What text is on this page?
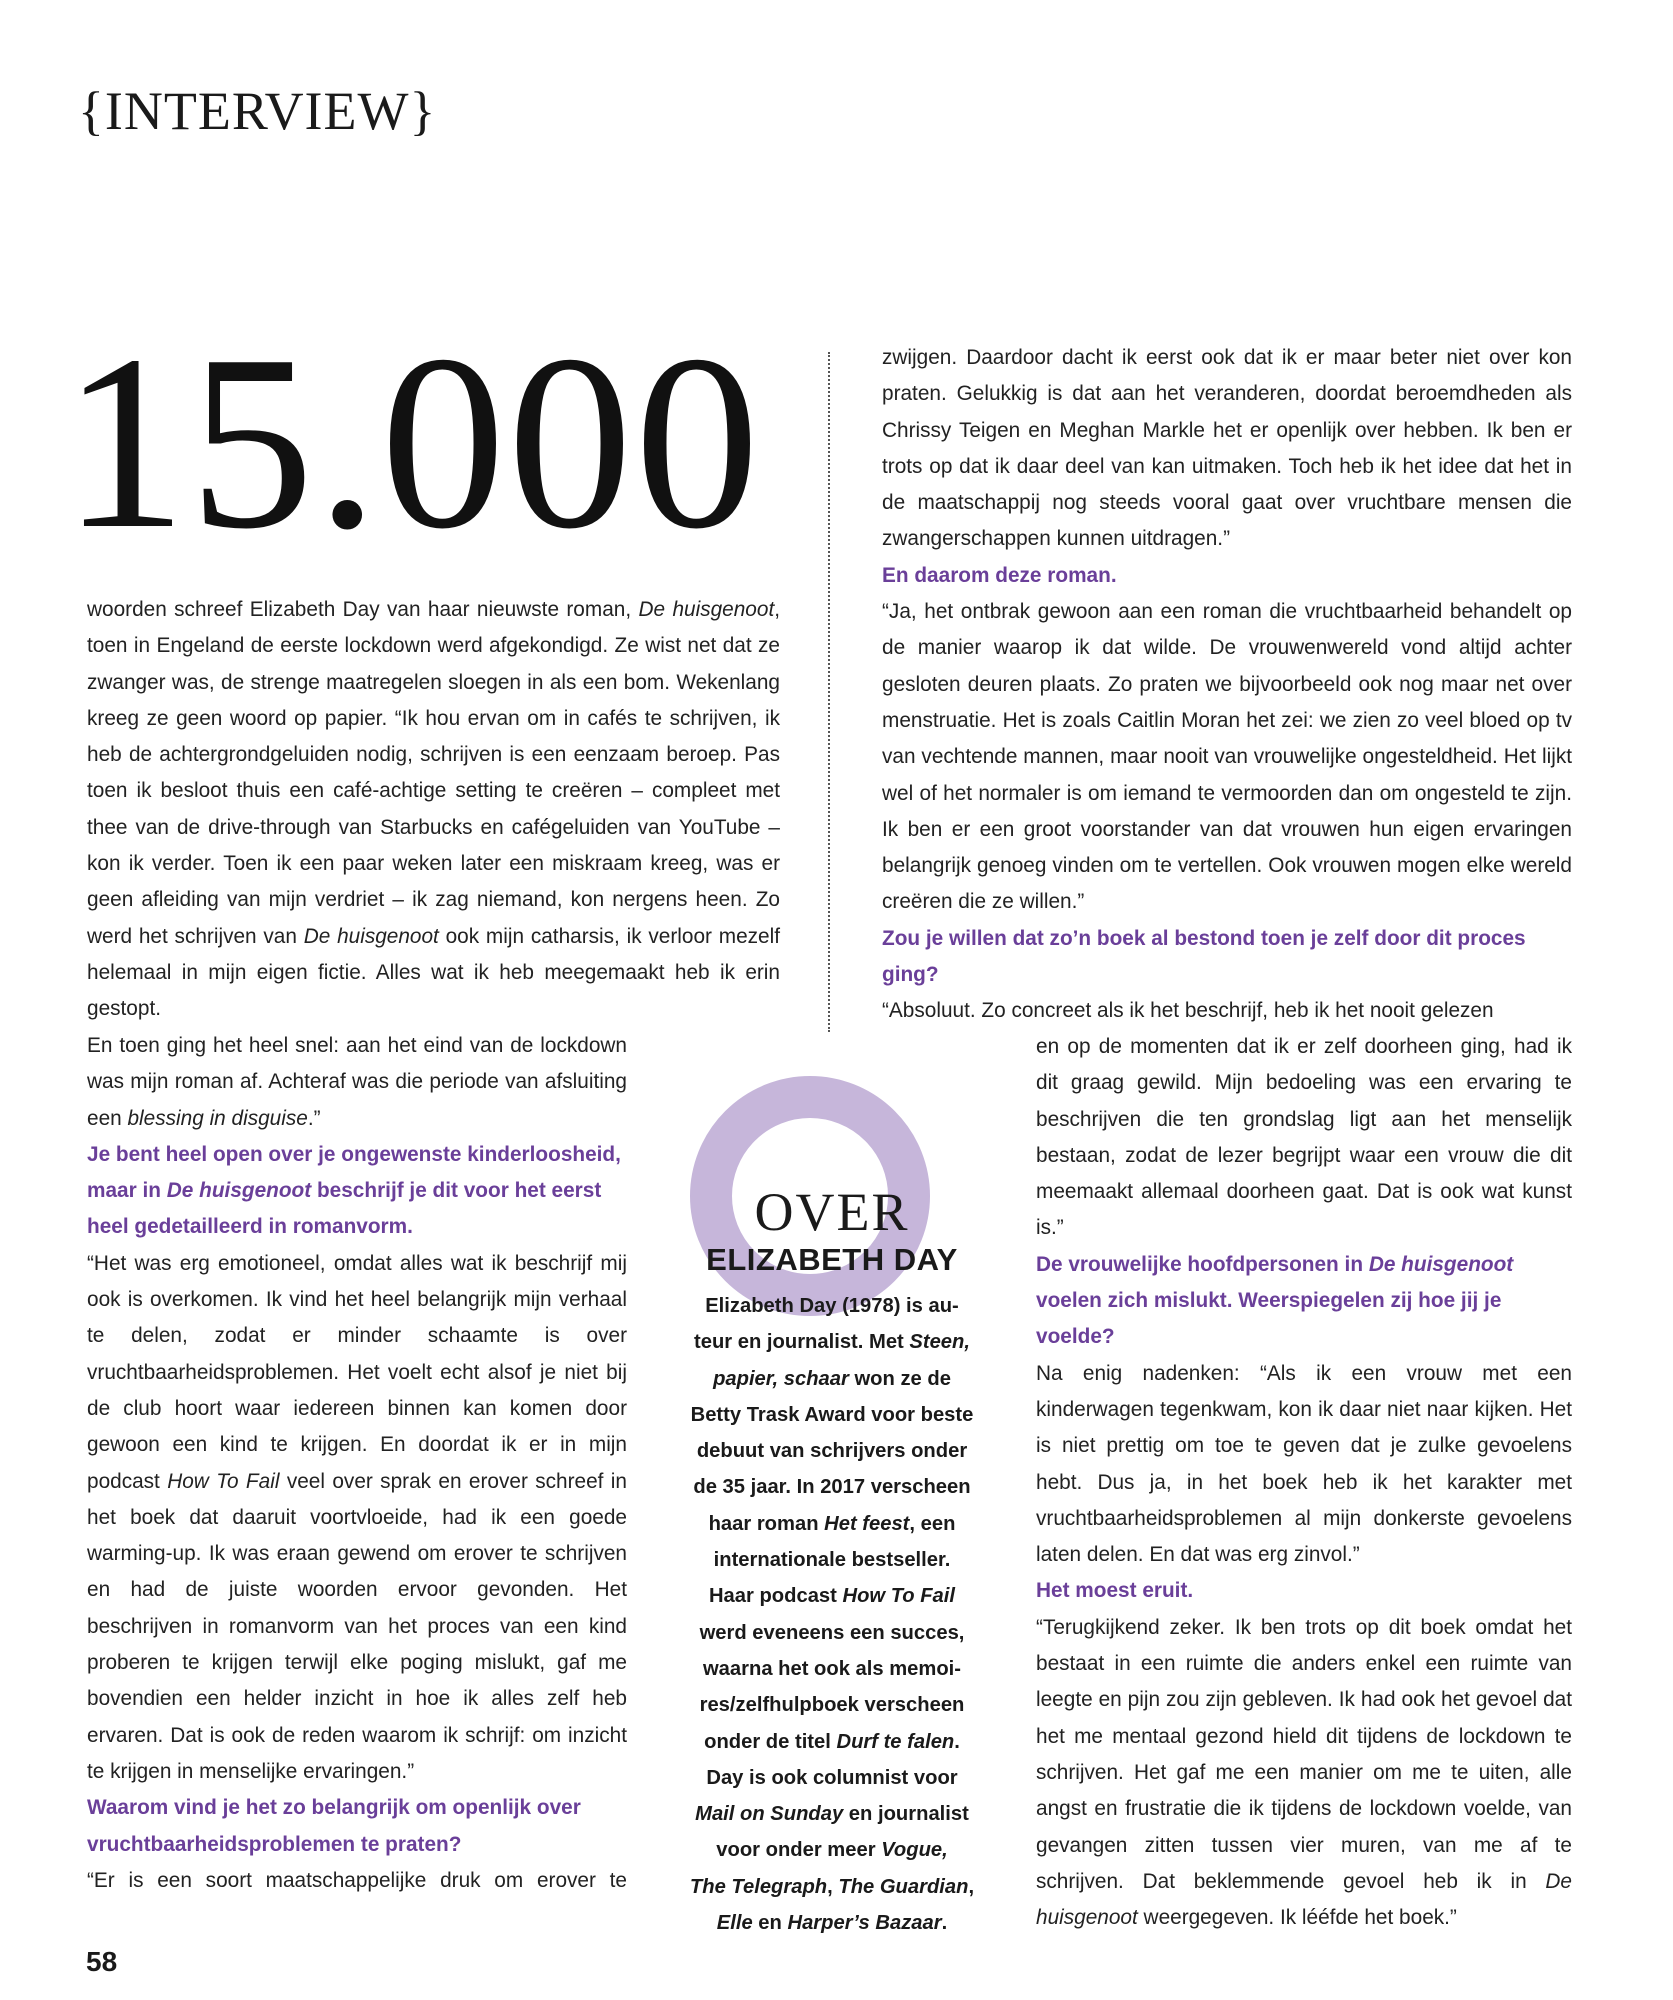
{INTERVIEW}
15.000

woorden schreef Elizabeth Day van haar nieuwste roman, De huisgenoot, toen in Engeland de eerste lockdown werd afgekondigd. Ze wist net dat ze zwanger was, de strenge maatregelen sloegen in als een bom. Wekenlang kreeg ze geen woord op papier. “Ik hou ervan om in cafés te schrijven, ik heb de achtergrondgeluiden nodig, schrijven is een eenzaam beroep. Pas toen ik besloot thuis een café-achtige setting te creëren – compleet met thee van de drive-through van Starbucks en cafégeluiden van YouTube – kon ik verder. Toen ik een paar weken later een miskraam kreeg, was er geen afleiding van mijn verdriet – ik zag niemand, kon nergens heen. Zo werd het schrijven van De huisgenoot ook mijn catharsis, ik verloor mezelf helemaal in mijn eigen fictie. Alles wat ik heb meegemaakt heb ik erin gestopt.

En toen ging het heel snel: aan het eind van de lockdown was mijn roman af. Achteraf was die periode van afsluiting een blessing in disguise.”

Je bent heel open over je ongewenste kinderloosheid, maar in De huisgenoot beschrijf je dit voor het eerst heel gedetailleerd in romanvorm.

“Het was erg emotioneel, omdat alles wat ik beschrijf mij ook is overkomen. Ik vind het heel belangrijk mijn verhaal te delen, zodat er minder schaamte is over vruchtbaarheidsproblemen. Het voelt echt alsof je niet bij de club hoort waar iedereen binnen kan komen door gewoon een kind te krijgen. En doordat ik er in mijn podcast How To Fail veel over sprak en erover schreef in het boek dat daaruit voortvloeide, had ik een goede warming-up. Ik was eraan gewend om erover te schrijven en had de juiste woorden ervoor gevonden. Het beschrijven in romanvorm van het proces van een kind proberen te krijgen terwijl elke poging mislukt, gaf me bovendien een helder inzicht in hoe ik alles zelf heb ervaren. Dat is ook de reden waarom ik schrijf: om inzicht te krijgen in menselijke ervaringen.”

Waarom vind je het zo belangrijk om openlijk over vruchtbaarheidsproblemen te praten?

“Er is een soort maatschappelijke druk om erover te

zwijgen. Daardoor dacht ik eerst ook dat ik er maar beter niet over kon praten. Gelukkig is dat aan het veranderen, doordat beroemdheden als Chrissy Teigen en Meghan Markle het er openlijk over hebben. Ik ben er trots op dat ik daar deel van kan uitmaken. Toch heb ik het idee dat het in de maatschappij nog steeds vooral gaat over vruchtbare mensen die zwangerschappen kunnen uitdragen.”

En daarom deze roman.

“Ja, het ontbrak gewoon aan een roman die vruchtbaarheid behandelt op de manier waarop ik dat wilde. De vrouwenwereld vond altijd achter gesloten deuren plaats. Zo praten we bijvoorbeeld ook nog maar net over menstruatie. Het is zoals Caitlin Moran het zei: we zien zo veel bloed op tv van vechtende mannen, maar nooit van vrouwelijke ongesteldheid. Het lijkt wel of het normaler is om iemand te vermoorden dan om ongesteld te zijn. Ik ben er een groot voorstander van dat vrouwen hun eigen ervaringen belangrijk genoeg vinden om te vertellen. Ook vrouwen mogen elke wereld creëren die ze willen.”

Zou je willen dat zo’n boek al bestond toen je zelf door dit proces ging?

“Absoluut. Zo concreet als ik het beschrijf, heb ik het nooit gelezen

en op de momenten dat ik er zelf doorheen ging, had ik dit graag gewild. Mijn bedoeling was een ervaring te beschrijven die ten grondslag ligt aan het menselijk bestaan, zodat de lezer begrijpt waar een vrouw die dit meemaakt allemaal doorheen gaat. Dat is ook wat kunst is.”

De vrouwelijke hoofdpersonen in De huisgenoot voelen zich mislukt. Weerspiegelen zij hoe jij je voelde?

Na enig nadenken: “Als ik een vrouw met een kinderwagen tegenkwam, kon ik daar niet naar kijken. Het is niet prettig om toe te geven dat je zulke gevoelens hebt. Dus ja, in het boek heb ik het karakter met vruchtbaarheidsproblemen al mijn donkerste gevoelens laten delen. En dat was erg zinvol.”

Het moest eruit.

“Terugkijkend zeker. Ik ben trots op dit boek omdat het bestaat in een ruimte die anders enkel een ruimte van leegte en pijn zou zijn gebleven. Ik had ook het gevoel dat het me mentaal gezond hield dit tijdens de lockdown te schrijven. Het gaf me een manier om me te uiten, alle angst en frustratie die ik tijdens de lockdown voelde, van gevangen zitten tussen vier muren, van me af te schrijven. Dat beklemmende gevoel heb ik in De huisgenoot weergegeven. Ik lééfde het boek.”

OVER
ELIZABETH DAY
Elizabeth Day (1978) is au-
teur en journalist. Met Steen,
papier, schaar won ze de
Betty Trask Award voor beste
debuut van schrijvers onder
de 35 jaar. In 2017 verscheen
haar roman Het feest, een
internationale bestseller.
Haar podcast How To Fail
werd eveneens een succes,
waarna het ook als memoi-
res/zelfhulpboek verscheen
onder de titel Durf te falen.
Day is ook columnist voor
Mail on Sunday en journalist
voor onder meer Vogue,
The Telegraph, The Guardian,
Elle en Harper’s Bazaar.
58
